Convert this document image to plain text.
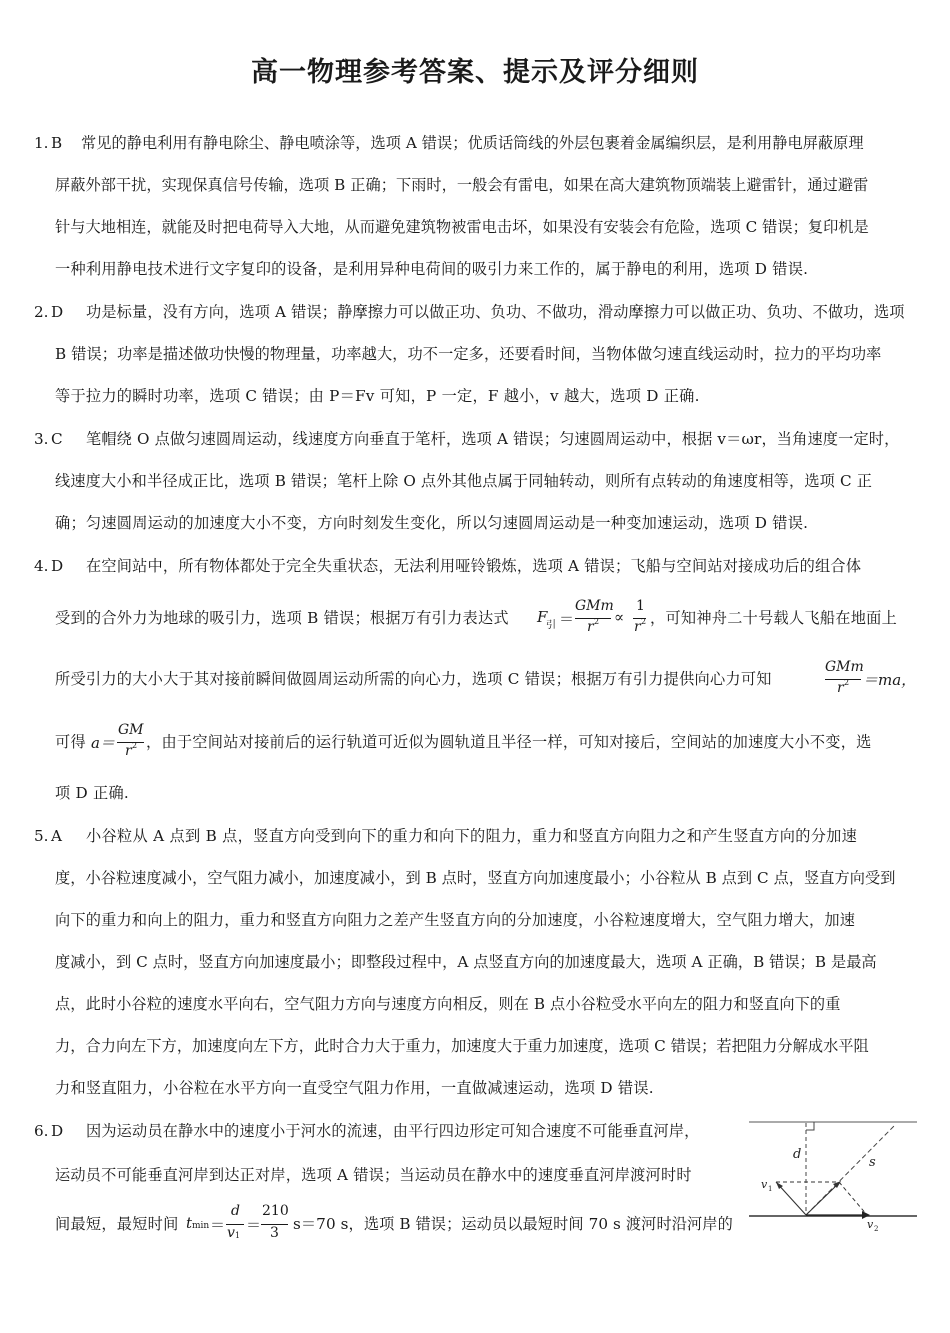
高一物理参考答案、提示及评分细则
1. B 常见的静电利用有静电除尘、静电喷涂等，选项 A 错误；优质话筒线的外层包裹着金属编织层，是利用静电屏蔽原理
屏蔽外部干扰，实现保真信号传输，选项 B 正确；下雨时，一般会有雷电，如果在高大建筑物顶端装上避雷针，通过避雷
针与大地相连，就能及时把电荷导入大地，从而避免建筑物被雷电击坏，如果没有安装会有危险，选项 C 错误；复印机是
一种利用静电技术进行文字复印的设备，是利用异种电荷间的吸引力来工作的，属于静电的利用，选项 D 错误.
2. D 功是标量，没有方向，选项 A 错误；静摩擦力可以做正功、负功、不做功，滑动摩擦力可以做正功、负功、不做功，选项
B 错误；功率是描述做功快慢的物理量，功率越大，功不一定多，还要看时间，当物体做匀速直线运动时，拉力的平均功率
等于拉力的瞬时功率，选项 C 错误；由 P＝Fv 可知，P 一定，F 越小，v 越大，选项 D 正确.
3. C 笔帽绕 O 点做匀速圆周运动，线速度方向垂直于笔杆，选项 A 错误；匀速圆周运动中，根据 v＝ωr，当角速度一定时，
线速度大小和半径成正比，选项 B 错误；笔杆上除 O 点外其他点属于同轴转动，则所有点转动的角速度相等，选项 C 正
确；匀速圆周运动的加速度大小不变，方向时刻发生变化，所以匀速圆周运动是一种变加速运动，选项 D 错误.
4. D 在空间站中，所有物体都处于完全失重状态，无法利用哑铃锻炼，选项 A 错误；飞船与空间站对接成功后的组合体
受到的合外力为地球的吸引力，选项 B 错误；根据万有引力表达式 F
引 ＝
GMm
r 2 ∝
1
r 2 ，可知神舟二十号载人飞船在地面上
所受引力的大小大于其对接前瞬间做圆周运动所需的向心力，选项 C 错误；根据万有引力提供向心力可知
GMm
r 2 ＝ma，
可得 a＝
GM
r 2 ，由于空间站对接前后的运行轨道可近似为圆轨道且半径一样，可知对接后，空间站的加速度大小不变，选
项 D 正确.
5. A 小谷粒从 A 点到 B 点，竖直方向受到向下的重力和向下的阻力，重力和竖直方向阻力之和产生竖直方向的分加速
度，小谷粒速度减小，空气阻力减小，加速度减小，到 B 点时，竖直方向加速度最小；小谷粒从 B 点到 C 点，竖直方向受到
向下的重力和向上的阻力，重力和竖直方向阻力之差产生竖直方向的分加速度，小谷粒速度增大，空气阻力增大，加速
度减小，到 C 点时，竖直方向加速度最小；即整段过程中，A 点竖直方向的加速度最大，选项 A 正确，B 错误；B 是最高
点，此时小谷粒的速度水平向右，空气阻力方向与速度方向相反，则在 B 点小谷粒受水平向左的阻力和竖直向下的重
力，合力向左下方，加速度向左下方，此时合力大于重力，加速度大于重力加速度，选项 C 错误；若把阻力分解成水平阻
力和竖直阻力，小谷粒在水平方向一直受空气阻力作用，一直做减速运动，选项 D 错误.
6. D 因为运动员在静水中的速度小于河水的流速，由平行四边形定可知合速度不可能垂直河岸，
运动员不可能垂直河岸到达正对岸，选项 A 错误；当运动员在静水中的速度垂直河岸渡河时时
间最短，最短时间 t min ＝
d
v 1
＝
210
3 s＝70 s，选项 B 错误；运动员以最短时间 70 s 渡河时沿河岸的
d
s
v 1
v 2
